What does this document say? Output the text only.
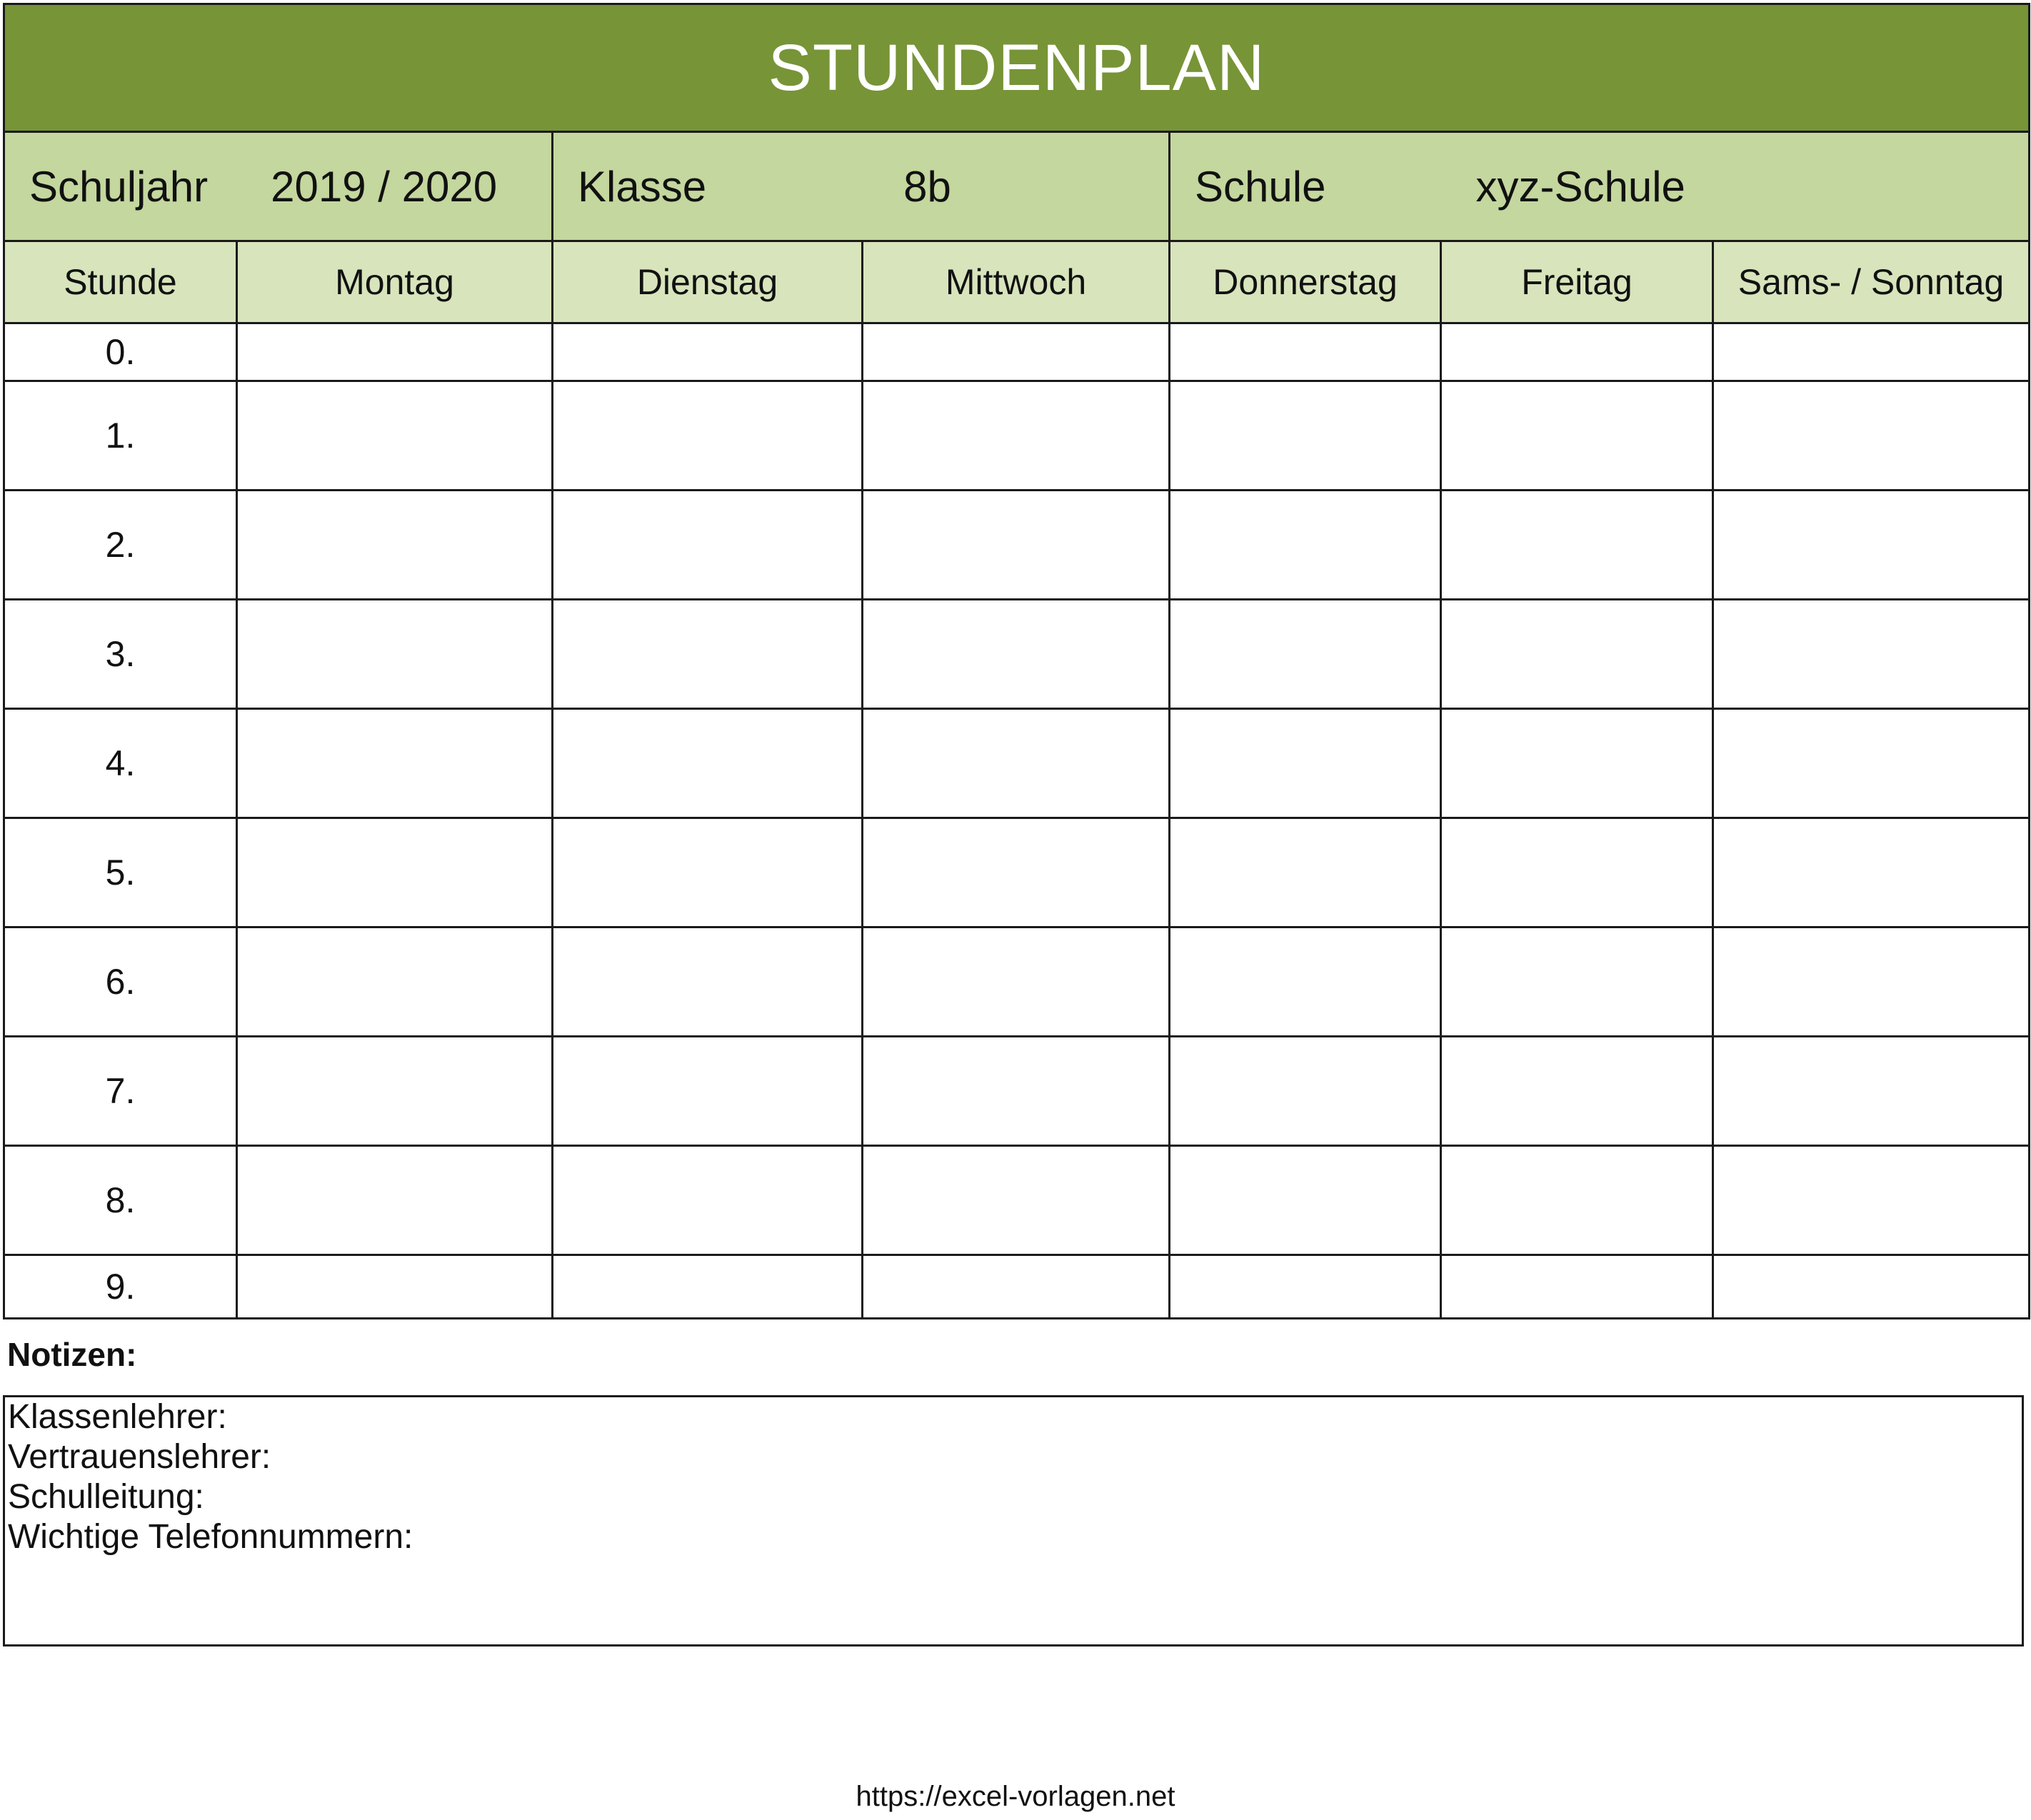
STUNDENPLAN						

Schuljahr 2019 / 2020		Klasse 8b		Schule xyz-Schule		

Stunde	Montag	Dienstag	Mittwoch	Donnerstag	Freitag	Sams- / Sonntag
0.						
1.						
2.						
3.						
4.						
5.						
6.						
7.						
8.						
9.						
Notizen:
Klassenlehrer:
Vertrauenslehrer:
Schulleitung:
Wichtige Telefonnummern:
https://excel-vorlagen.net
